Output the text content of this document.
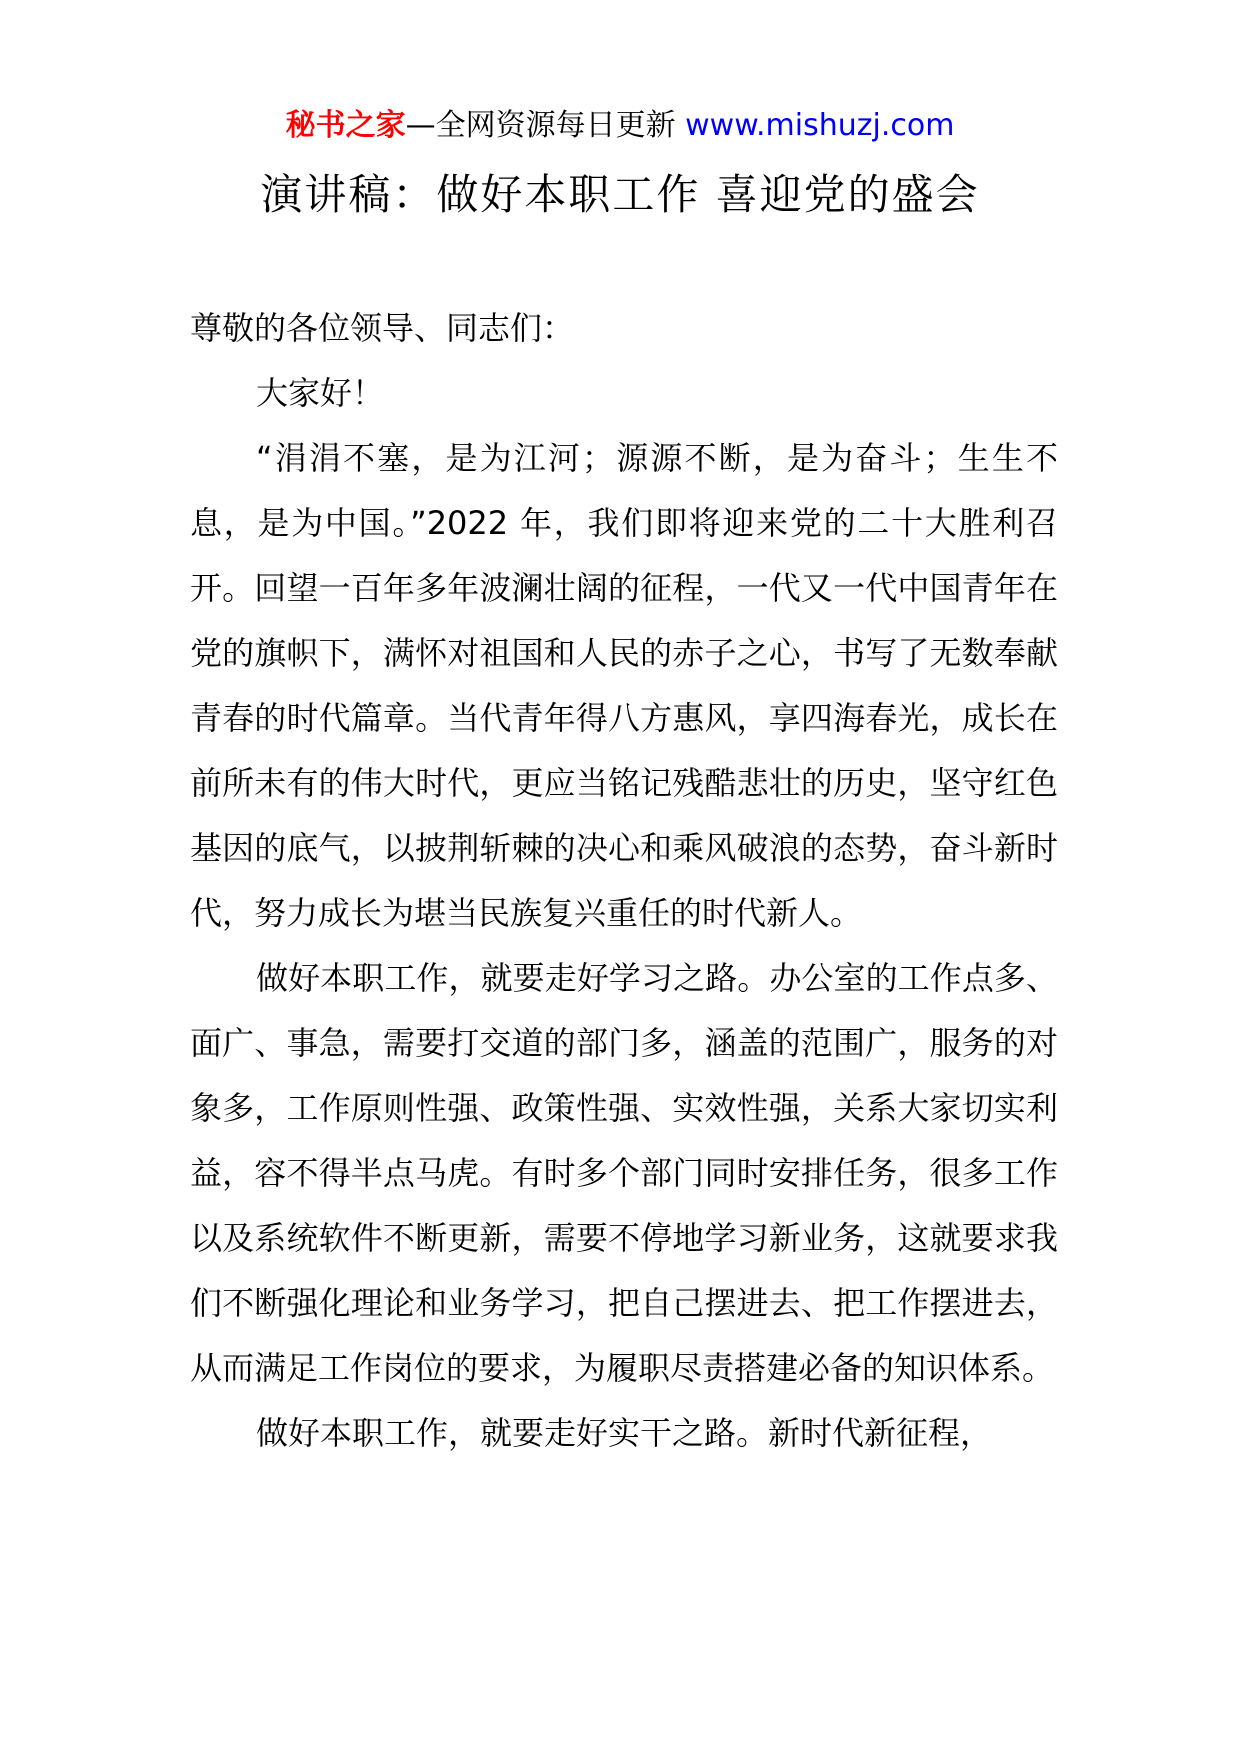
秘书之家—全网资源每日更新 www.mishuzj.com
演讲稿：做好本职工作 喜迎党的盛会

尊敬的各位领导、同志们：

大家好！

“涓涓不塞，是为江河；源源不断，是为奋斗；生生不息，是为中国。”2022 年，我们即将迎来党的二十大胜利召开。回望一百年多年波澜壮阔的征程，一代又一代中国青年在党的旗帜下，满怀对祖国和人民的赤子之心，书写了无数奉献青春的时代篇章。当代青年得八方惠风，享四海春光，成长在前所未有的伟大时代，更应当铭记残酷悲壮的历史，坚守红色基因的底气，以披荆斩棘的决心和乘风破浪的态势，奋斗新时代，努力成长为堪当民族复兴重任的时代新人。

做好本职工作，就要走好学习之路。办公室的工作点多、面广、事急，需要打交道的部门多，涵盖的范围广，服务的对象多，工作原则性强、政策性强、实效性强，关系大家切实利益，容不得半点马虎。有时多个部门同时安排任务，很多工作以及系统软件不断更新，需要不停地学习新业务，这就要求我们不断强化理论和业务学习，把自己摆进去、把工作摆进去，从而满足工作岗位的要求，为履职尽责搭建必备的知识体系。

做好本职工作，就要走好实干之路。新时代新征程，
